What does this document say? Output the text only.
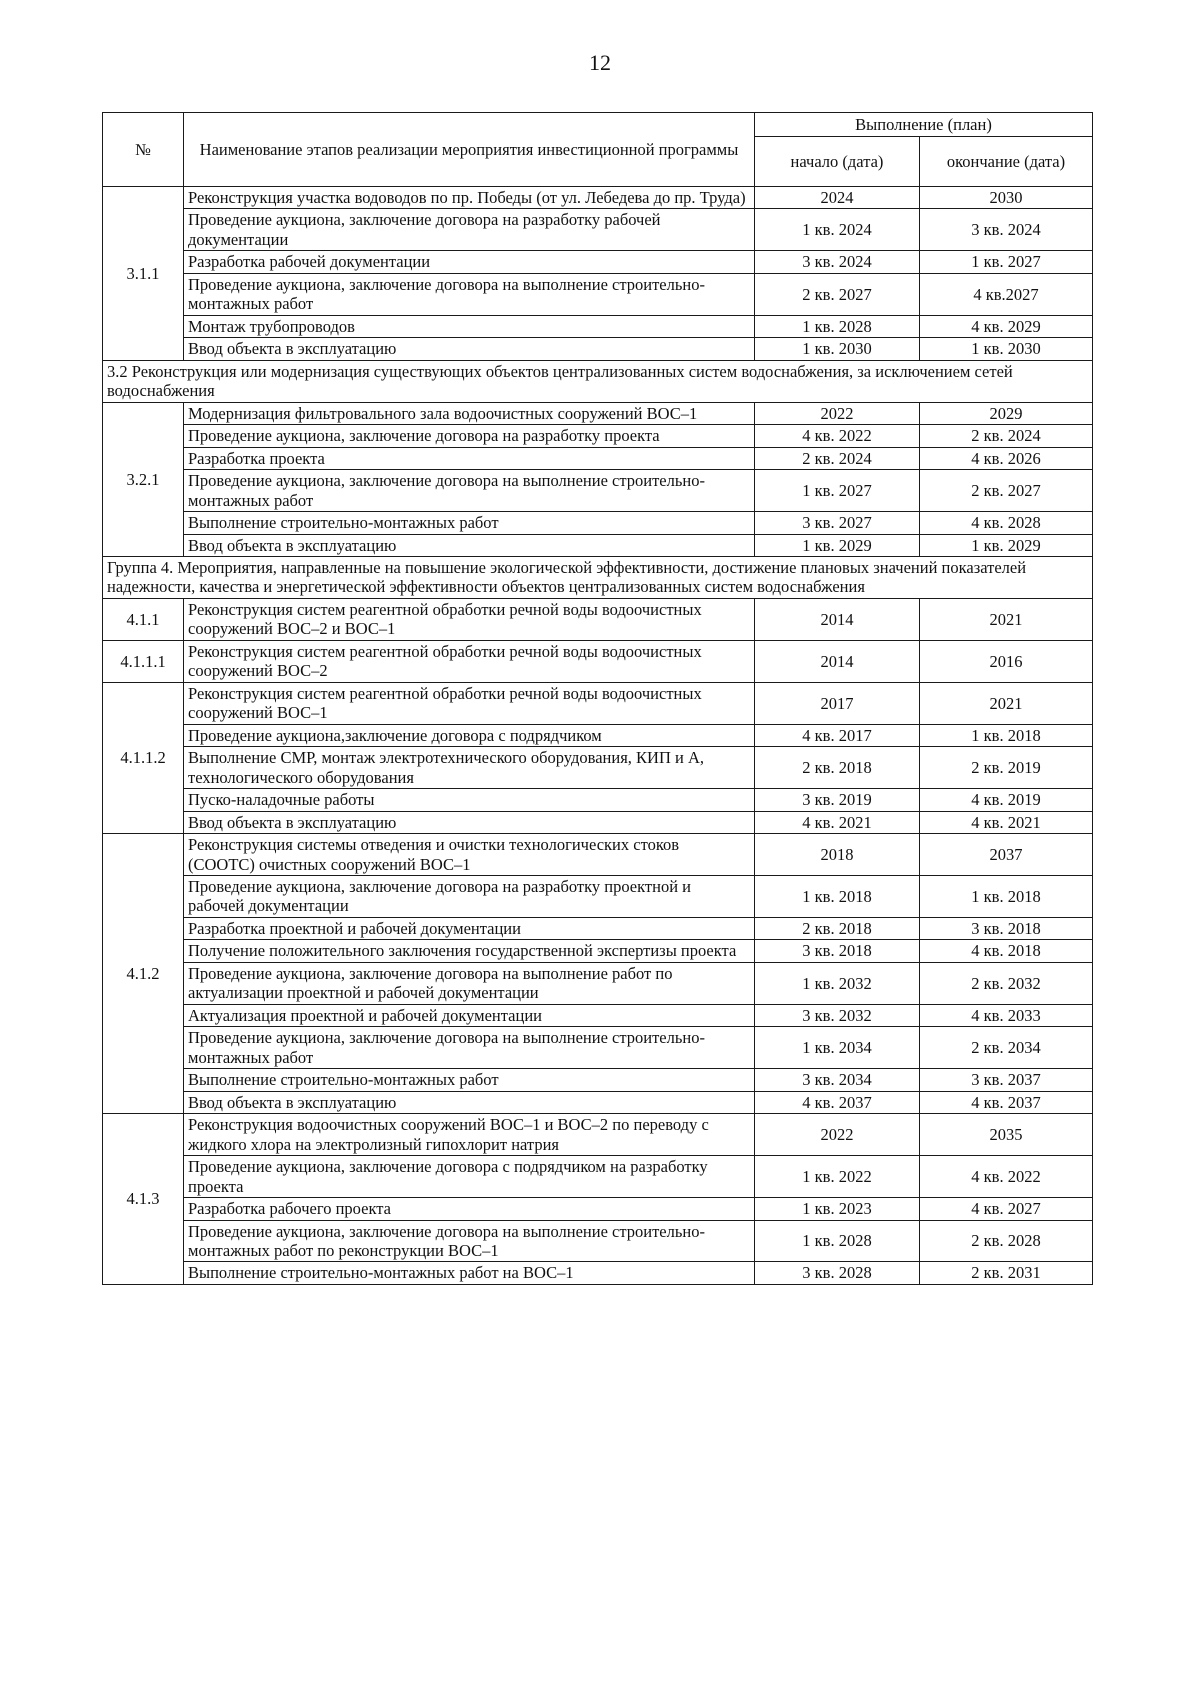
12
№	Наименование этапов реализации мероприятия инвестиционной программы	Выполнение (план)	
		начало (дата)	окончание (дата)
3.1.1	Реконструкция участка водоводов по пр. Победы (от ул. Лебедева до пр. Труда)	2024	2030
	Проведение аукциона, заключение договора на разработку рабочей документации	1 кв. 2024	3 кв. 2024
	Разработка рабочей документации	3 кв. 2024	1 кв. 2027
	Проведение аукциона, заключение договора на выполнение строительно-монтажных работ	2 кв. 2027	4 кв.2027
	Монтаж трубопроводов	1 кв. 2028	4 кв. 2029
	Ввод объекта в эксплуатацию	1 кв. 2030	1 кв. 2030
3.2 Реконструкция или модернизация существующих объектов централизованных систем водоснабжения, за исключением сетей водоснабжения			
3.2.1	Модернизация фильтровального зала водоочистных сооружений ВОС–1	2022	2029
	Проведение аукциона, заключение договора на разработку проекта	4 кв. 2022	2 кв. 2024
	Разработка проекта	2 кв. 2024	4 кв. 2026
	Проведение аукциона, заключение договора на выполнение строительно-монтажных работ	1 кв. 2027	2 кв. 2027
	Выполнение строительно-монтажных работ	3 кв. 2027	4 кв. 2028
	Ввод объекта в эксплуатацию	1 кв. 2029	1 кв. 2029
Группа 4. Мероприятия, направленные на повышение экологической эффективности, достижение плановых значений показателей надежности, качества и энергетической эффективности объектов централизованных систем водоснабжения			
4.1.1	Реконструкция систем реагентной обработки речной воды водоочистных сооружений ВОС–2 и ВОС–1	2014	2021
4.1.1.1	Реконструкция систем реагентной обработки речной воды водоочистных сооружений ВОС–2	2014	2016
4.1.1.2	Реконструкция систем реагентной обработки речной воды водоочистных сооружений ВОС–1	2017	2021
	Проведение аукциона,заключение договора с подрядчиком	4 кв. 2017	1 кв. 2018
	Выполнение СМР, монтаж электротехнического оборудования, КИП и А, технологического оборудования	2 кв. 2018	2 кв. 2019
	Пуско-наладочные работы	3 кв. 2019	4 кв. 2019
	Ввод объекта в эксплуатацию	4 кв. 2021	4 кв. 2021
4.1.2	Реконструкция системы отведения и очистки технологических стоков (СООТС) очистных сооружений ВОС–1	2018	2037
	Проведение аукциона, заключение договора на разработку проектной и рабочей документации	1 кв. 2018	1 кв. 2018
	Разработка проектной и рабочей документации	2 кв. 2018	3 кв. 2018
	Получение положительного заключения государственной экспертизы проекта	3 кв. 2018	4 кв. 2018
	Проведение аукциона, заключение договора на выполнение работ по актуализации проектной и рабочей документации	1 кв. 2032	2 кв. 2032
	Актуализация проектной и рабочей документации	3 кв. 2032	4 кв. 2033
	Проведение аукциона, заключение договора на выполнение строительно-монтажных работ	1 кв. 2034	2 кв. 2034
	Выполнение строительно-монтажных работ	3 кв. 2034	3 кв. 2037
	Ввод объекта в эксплуатацию	4 кв. 2037	4 кв. 2037
4.1.3	Реконструкция водоочистных сооружений ВОС–1 и ВОС–2 по переводу с жидкого хлора на электролизный гипохлорит натрия	2022	2035
	Проведение аукциона, заключение договора с подрядчиком на разработку проекта	1 кв. 2022	4 кв. 2022
	Разработка рабочего проекта	1 кв. 2023	4 кв. 2027
	Проведение аукциона, заключение договора на выполнение строительно-монтажных работ по реконструкции ВОС–1	1 кв. 2028	2 кв. 2028
	Выполнение строительно-монтажных работ на ВОС–1	3 кв. 2028	2 кв. 2031
